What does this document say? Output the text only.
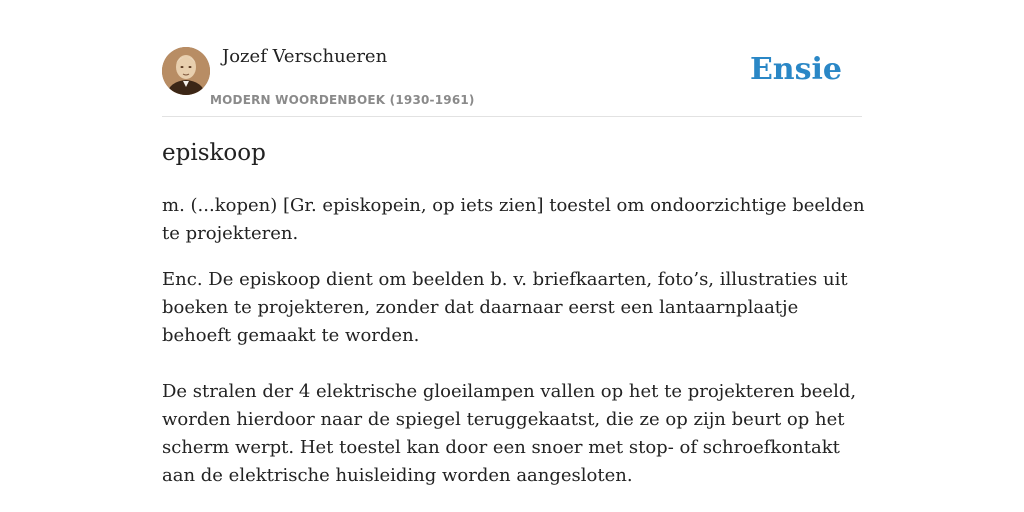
Jozef Verschueren
MODERN WOORDENBOEK (1930-1961)
Ensie
episkoop

m. (...kopen) [Gr. episkopein, op iets zien] toestel om ondoorzichtige beelden te projekteren.

Enc. De episkoop dient om beelden b. v. briefkaarten, foto’s, illustraties uit boeken te projekteren, zonder dat daarnaar eerst een lantaarnplaatje behoeft gemaakt te worden.

De stralen der 4 elektrische gloeilampen vallen op het te projekteren beeld, worden hierdoor naar de spiegel teruggekaatst, die ze op zijn beurt op het scherm werpt. Het toestel kan door een snoer met stop- of schroefkontakt aan de elektrische huisleiding worden aangesloten.
